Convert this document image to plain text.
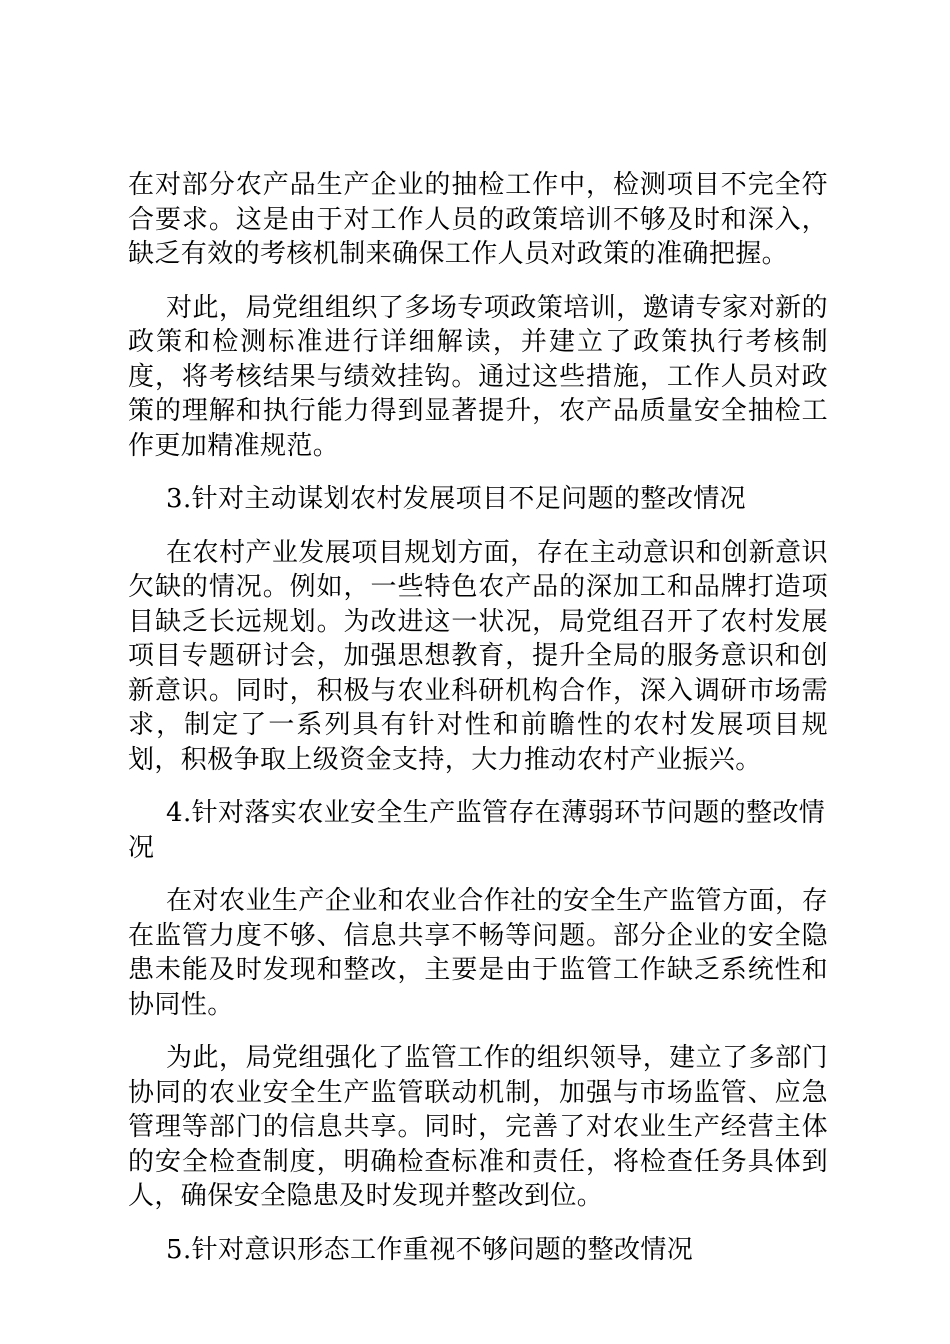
在对部分农产品生产企业的抽检工作中，检测项目不完全符合要求。这是由于对工作人员的政策培训不够及时和深入，缺乏有效的考核机制来确保工作人员对政策的准确把握。

对此，局党组组织了多场专项政策培训，邀请专家对新的政策和检测标准进行详细解读，并建立了政策执行考核制度，将考核结果与绩效挂钩。通过这些措施，工作人员对政策的理解和执行能力得到显著提升，农产品质量安全抽检工作更加精准规范。

3.针对主动谋划农村发展项目不足问题的整改情况

在农村产业发展项目规划方面，存在主动意识和创新意识欠缺的情况。例如，一些特色农产品的深加工和品牌打造项目缺乏长远规划。为改进这一状况，局党组召开了农村发展项目专题研讨会，加强思想教育，提升全局的服务意识和创新意识。同时，积极与农业科研机构合作，深入调研市场需求，制定了一系列具有针对性和前瞻性的农村发展项目规划，积极争取上级资金支持，大力推动农村产业振兴。

4.针对落实农业安全生产监管存在薄弱环节问题的整改情况

在对农业生产企业和农业合作社的安全生产监管方面，存在监管力度不够、信息共享不畅等问题。部分企业的安全隐患未能及时发现和整改，主要是由于监管工作缺乏系统性和协同性。

为此，局党组强化了监管工作的组织领导，建立了多部门协同的农业安全生产监管联动机制，加强与市场监管、应急管理等部门的信息共享。同时，完善了对农业生产经营主体的安全检查制度，明确检查标准和责任，将检查任务具体到人，确保安全隐患及时发现并整改到位。

5.针对意识形态工作重视不够问题的整改情况
